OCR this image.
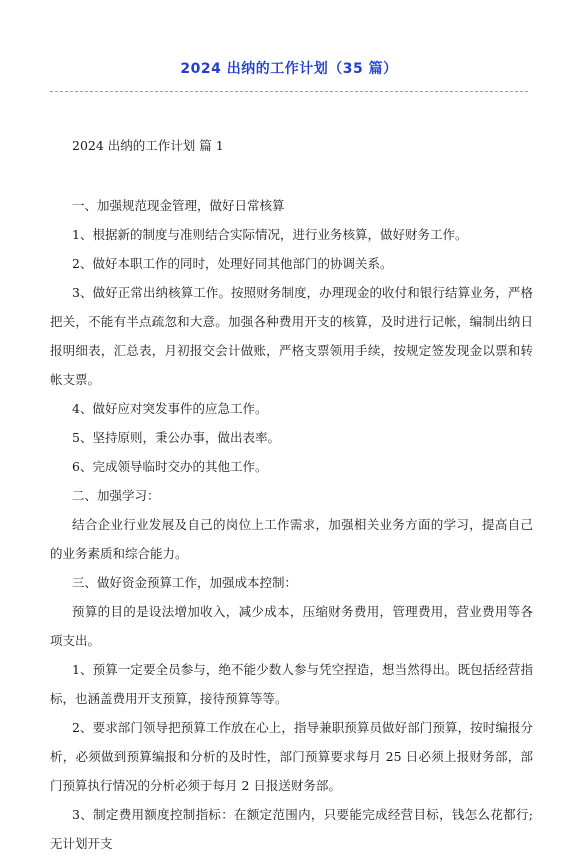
2024 出纳的工作计划（35 篇）
2024 出纳的工作计划 篇 1

一、加强规范现金管理，做好日常核算

1、根据新的制度与准则结合实际情况，进行业务核算，做好财务工作。

2、做好本职工作的同时，处理好同其他部门的协调关系。

3、做好正常出纳核算工作。按照财务制度，办理现金的收付和银行结算业务，严格把关，不能有半点疏忽和大意。加强各种费用开支的核算，及时进行记帐，编制出纳日报明细表，汇总表，月初报交会计做账，严格支票领用手续，按规定签发现金以票和转帐支票。

4、做好应对突发事件的应急工作。

5、坚持原则，秉公办事，做出表率。

6、完成领导临时交办的其他工作。

二、加强学习：

结合企业行业发展及自己的岗位上工作需求，加强相关业务方面的学习，提高自己的业务素质和综合能力。

三、做好资金预算工作，加强成本控制：

预算的目的是设法增加收入，减少成本，压缩财务费用，管理费用，营业费用等各项支出。

1、预算一定要全员参与，绝不能少数人参与凭空捏造，想当然得出。既包括经营指标，也涵盖费用开支预算，接待预算等等。

2、要求部门领导把预算工作放在心上，指导兼职预算员做好部门预算，按时编报分析，必须做到预算编报和分析的及时性，部门预算要求每月 25 日必须上报财务部，部门预算执行情况的分析必须于每月 2 日报送财务部。

3、制定费用额度控制指标：在额定范围内，只要能完成经营目标，钱怎么花都行;无计划开支
